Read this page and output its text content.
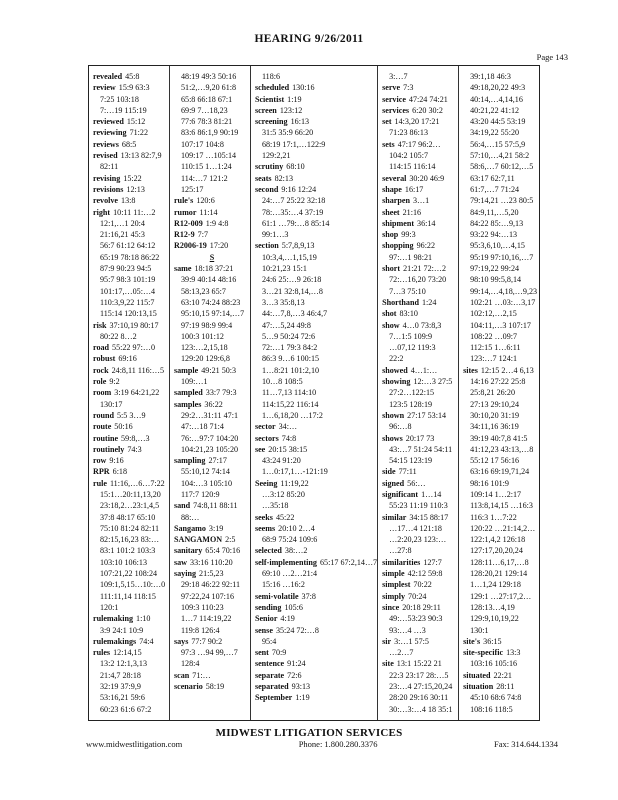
HEARING 9/26/2011
Page 143
revealed 45:8
review 15:9 63:3
7:25 103:18
7:…19 115:19
reviewed 15:12
reviewing 71:22
reviews 68:5
revised 13:13 82:7,9
82:11
revising 15:22
revisions 12:13
revolve 13:8
right 10:11 11:…2
12:1,…1 20:4
21:16,21 45:3
56:7 61:12 64:12
65:19 78:18 86:22
87:9 90:23 94:5
95:7 98:3 101:19
101:17,…05:…4
110:3,9,22 115:7
115:14 120:13,15
risk 37:10,19 80:17
80:22 8…2
road 55:22 97:…0
robust 69:16
rock 24:8,11 116:…5
role 9:2
room 3:19 64:21,22
130:17
round 5:5 3…9
route 50:16
routine 59:8,…3
routinely 74:3
row 9:16
RPR 6:18
rule 11:16,…6…7:22
15:1…20:11,13,20
23:18,2…23:1,4,5
37:8 48:17 65:10
75:10 81:24 82:11
82:15,16,23 83:…
83:1 101:2 103:3
103:10 106:13
107:21,22 108:24
109:1,5,15…10:…0
111:11,14 118:15
120:1
rulemaking 1:10
3:9 24:1 10:9
rulemakings 74:4
rules 12:14,15
13:2 12:1,3,13
21:4,7 28:18
32:19 37:9,9
53:16,21 59:6
60:23 61:6 67:2
48:19 49:3 50:16
51:2,…9,20 61:8
65:8 66:18 67:1
69:9 7…18,23
77:6 78:3 81:21
83:6 86:1,9 90:19
107:17 104:8
109:17 …105:14
110:15 1…1:24
114:…7 121:2
125:17
rule's 120:6
rumor 11:14
R12-009 1:9 4:8
R12-9 7:7
R2006-19 17:20
S
same 18:18 37:21
39:9 40:14 48:16
58:13,23 65:7
63:10 74:24 88:23
95:10,15 97:14,…7
97:19 98:9 99:4
100:3 101:12
123:…2,15,18
129:20 129:6,8
sample 49:21 50:3
109:…1
sampled 33:7 79:3
samples 36:22
29:2…31:11 47:1
47:…18 71:4
76:…97:7 104:20
104:21,23 105:20
sampling 27:17
55:10,12 74:14
104:…3 105:10
117:7 120:9
sand 74:8,11 88:11
88:…
Sangamo 3:19
SANGAMON 2:5
sanitary 65:4 70:16
saw 33:16 110:20
saying 21:5,23
29:18 46:22 92:11
97:22,24 107:16
109:3 110:23
1…7 114:19,22
119:8 126:4
says 77:7 90:2
97:3 …94 99,…7
128:4
scan 71:…
scenario 58:19
118:6
scheduled 130:16
Scientist 1:19
screen 123:12
screening 16:13
31:5 35:9 66:20
68:19 17:1,…122:9
129:2,21
scrutiny 68:10
seats 82:13
second 9:16 12:24
24:…7 25:22 32:18
78:…35:…4 37:19
61:1 …79:…8 85:14
99:1…3
section 5:7,8,9,13
10:3,4,…1,15,19
10:21,23 15:1
24:6 25:…9 26:18
3…21 32:8,14,…8
3…3 35:8,13
44:…7,8,…3 46:4,7
47:…5,24 49:8
5…9 50:24 72:6
72:…1 79:3 84:2
86:3 9…6 100:15
1…8:21 101:2,10
10…8 108:5
11…7,13 114:10
114:15,22 116:14
1…6,18,20 …17:2
sector 34:…
sectors 74:8
see 20:15 38:15
43:24 91:20
1…0:17,1…-121:19
Seeing 11:19,22
…3:12 85:20
…35:18
seeks 45:22
seems 20:10 2…4
68:9 75:24 109:6
selected 38:…2
self-implementing 65:17 67:2,14…7
69:10 …2…21:4
15:16 …16:2
semi-volatile 37:8
sending 105:6
Senior 4:19
sense 35:24 72:…8
95:4
sent 70:9
sentence 91:24
separate 72:6
separated 93:13
September 1:19
3:…7
serve 7:3
service 47:24 74:21
services 6:20 30:2
set 14:3,20 17:21
71:23 86:13
sets 47:17 96:2…
104:2 105:7
114:15 116:14
several 30:20 46:9
shape 16:17
sharpen 3…1
sheet 21:16
shipment 36:14
shop 99:3
shopping 96:22
97:…1 98:21
short 21:21 72:…2
72:…16,20 73:20
7…3 75:10
Shorthand 1:24
shot 83:10
show 4…0 73:8,3
7…1:5 109:9
…07,12 119:3
22:2
showed 4…1:…
showing 12:…3 27:5
27:2…122:15
123:5 128:19
shown 27:17 53:14
96:…8
shows 20:17 73
43:…7 51:24 54:11
54:15 123:19
side 77:11
signed 56:…
significant 1…14
55:23 11:19 110:3
similar 34:15 88:17
…17…4 121:18
…2:20,23 123:…
…27:8
similarities 127:7
simple 42:12 59:8
simplest 70:22
simply 70:24
since 20:18 29:11
49:…53:23 90:3
93:…4 …3
sir 3:…1 57:5
…2…7
site 13:1 15:22 21
22:3 23:17 28:…5
23:…4 27:15,20,24
28:20 29:16 30:11
30:…3:…4 18 35:1
39:1,18 46:3
49:18,20,22 49:3
40:14,…4,14,16
40:21,22 41:12
43:20 44:5 53:19
34:19,22 55:20
56:4,…15 57:5,9
57:10,…4,21 58:2
58:6,…7 60:12,…5
63:17 62:7,11
61:7,…7 71:24
79:14,21 …23 80:5
84:9,11,…5,20
84:22 85:…9,13
93:22 94:…13
95:3,6,10,…4,15
95:19 97:10,16,…7
97:19,22 99:24
98:10 99:5,8,14
99:14,…4,18,…9,23
102:21 …03:…3,17
102:12,…2,15
104:11,…3 107:17
108:22 …09:7
112:15 1…6:11
123:…7 124:1
sites 12:15 2…4 6,13
14:16 27:22 25:8
25:8,21 26:20
27:13 29:10,24
30:10,20 31:19
34:11,16 36:19
39:19 40:7,8 41:5
41:12,23 43:13,…8
55:12 17 56:16
63:16 69:19,71,24
98:16 101:9
109:14 1…2:17
113:8,14,15 …16:3
116:3 1…7:22
120:22 …21:14,2…
122:1,4,2 126:18
127:17,20,20,24
128:11…6,17,…8
128:20,21 129:14
1…1,24 129:18
129:1 …27:17,2…
128:13…4,19
129:9,10,19,22
130:1
site's 36:15
site-specific 13:3
103:16 105:16
situated 22:21
situation 28:11
45:10 68:6 74:8
108:16 118:5
MIDWEST LITIGATION SERVICES
www.midwestlitigation.com	Phone: 1.800.280.3376	Fax: 314.644.1334
